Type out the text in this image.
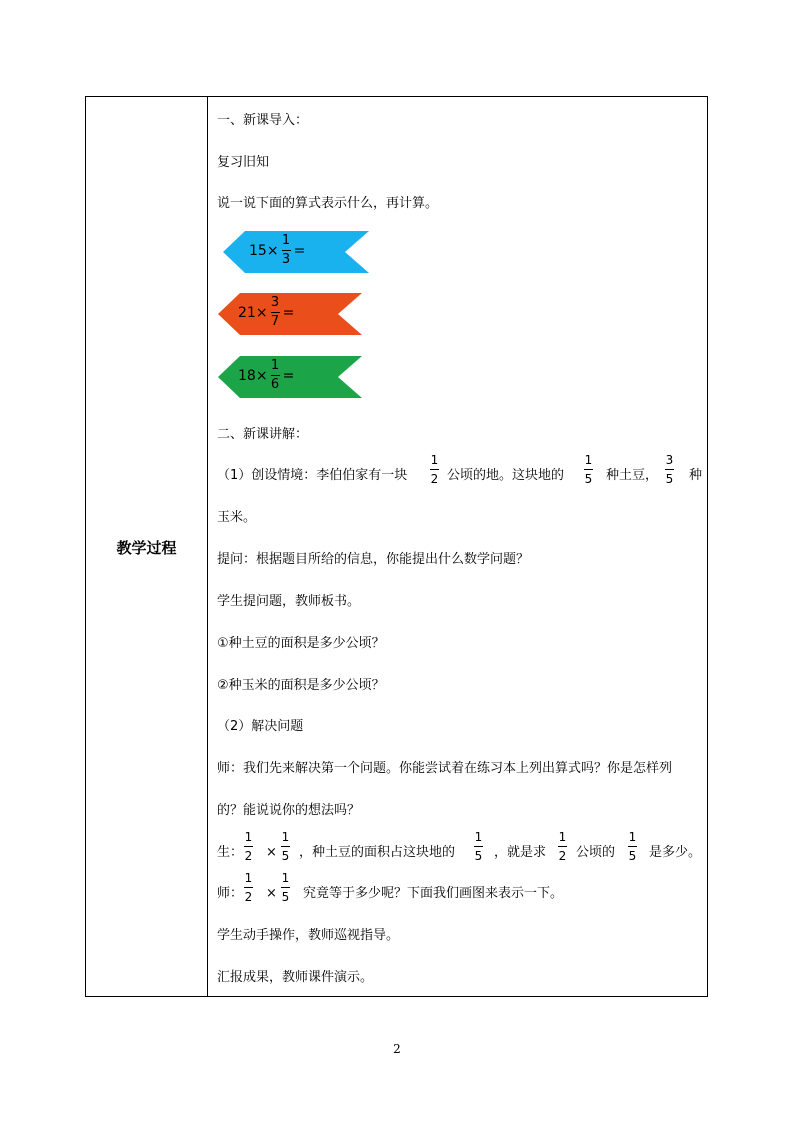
教学过程
一、新课导入：
复习旧知
说一说下面的算式表示什么，再计算。
$15 \times \frac{1}{3}$ =
$21 \times \frac{3}{7}$ =
$18 \times \frac{1}{6}$ =
二、新课讲解：
（1）创设情境：李伯伯家有一块
1
2 公顷的地。这块地的
1
5 种土豆，
3
5 种
玉米。
提问：根据题目所给的信息，你能提出什么数学问题？
学生提问题，教师板书。
①种土豆的面积是多少公顷？
②种玉米的面积是多少公顷？
（2）解决问题
师：我们先来解决第一个问题。你能尝试着在练习本上列出算式吗？你是怎样列
的？能说说你的想法吗？
生：
1
2 ×
1
5 ，种土豆的面积占这块地的
1
5 ，就是求
1
2 公顷的
1
5 是多少。
师：
1
2 ×
1
5 究竟等于多少呢？下面我们画图来表示一下。
学生动手操作，教师巡视指导。
汇报成果，教师课件演示。
2
